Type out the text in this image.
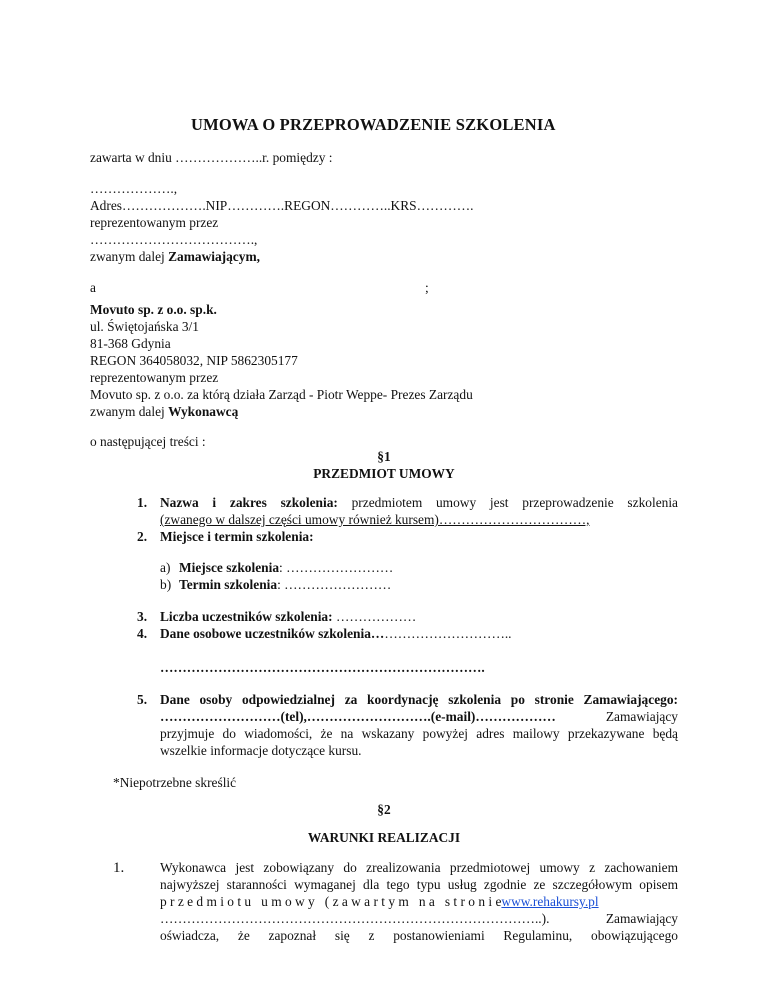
UMOWA O PRZEPROWADZENIE SZKOLENIA
zawarta w dniu ………………..r. pomiędzy :
……………….,
Adres……………….NIP………….REGON…………..KRS………….
reprezentowanym przez
……………………………….,
zwanym dalej Zamawiającym,
a	;
Movuto sp. z o.o. sp.k.
ul. Świętojańska 3/1
81-368 Gdynia
REGON 364058032, NIP 5862305177
reprezentowanym przez
Movuto sp. z o.o. za którą działa Zarząd - Piotr Weppe- Prezes Zarządu
zwanym dalej Wykonawcą
o następującej treści :
§1
PRZEDMIOT UMOWY
1. Nazwa i zakres szkolenia: przedmiotem umowy jest przeprowadzenie szkolenia
(zwanego w dalszej części umowy również kursem)……………………………,
2. Miejsce i termin szkolenia:
a) Miejsce szkolenia: ……………………
b) Termin szkolenia: ……………………
3. Liczba uczestników szkolenia: ………………
4. Dane osobowe uczestników szkolenia…………………………..
……………………………………………………………….
5. Dane osoby odpowiedzialnej za koordynację szkolenia po stronie Zamawiającego:
………………………(tel),……………………….(e-mail)……………… Zamawiający
przyjmuje do wiadomości, że na wskazany powyżej adres mailowy przekazywane będą
wszelkie informacje dotyczące kursu.
*Niepotrzebne skreślić
§2
WARUNKI REALIZACJI
1.	Wykonawca jest zobowiązany do zrealizowania przedmiotowej umowy z zachowaniem
najwyższej staranności wymaganej dla tego typu usług zgodnie ze szczegółowym opisem
p r z e d m i o t u   u m o w y   ( z a w a r t y m   n a   s t r o n i ewww.rehakursy.pl
…………………………………………………………………………..). Zamawiający
oświadcza, że zapoznał się z postanowieniami Regulaminu, obowiązującego
